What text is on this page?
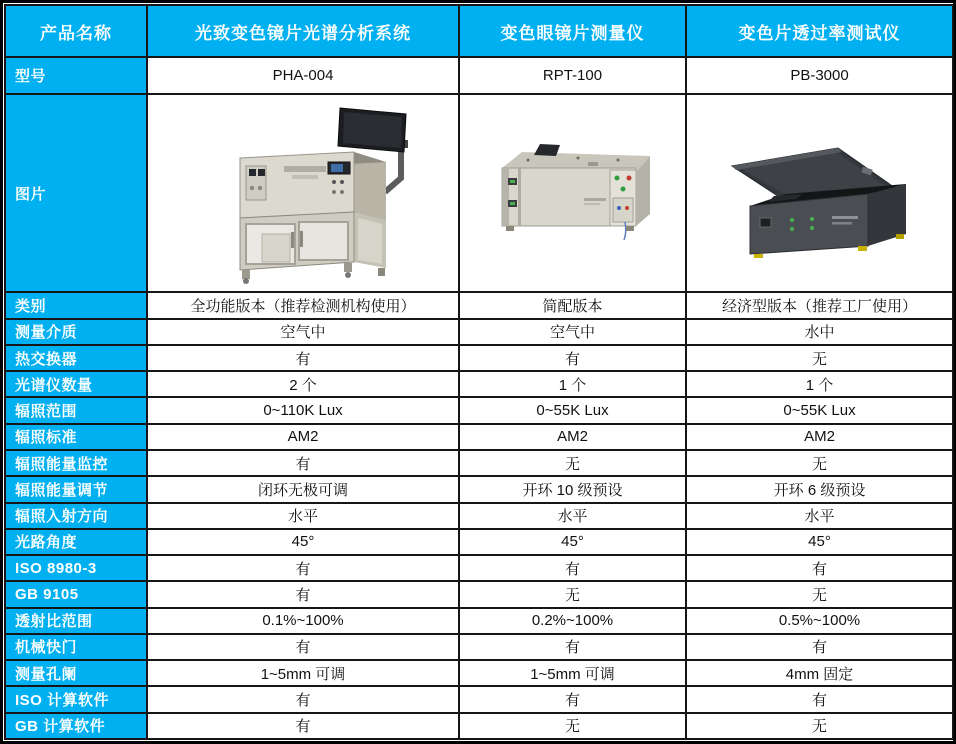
产品名称	光致变色镜片光谱分析系统	变色眼镜片测量仪	变色片透过率测试仪
型号	PHA-004	RPT-100	PB-3000
图片			
类别	全功能版本（推荐检测机构使用）	简配版本	经济型版本（推荐工厂使用）
测量介质	空气中	空气中	水中
热交换器	有	有	无
光谱仪数量	2 个	1 个	1 个
辐照范围	0~110K Lux	0~55K Lux	0~55K Lux
辐照标准	AM2	AM2	AM2
辐照能量监控	有	无	无
辐照能量调节	闭环无极可调	开环 10 级预设	开环 6 级预设
辐照入射方向	水平	水平	水平
光路角度	45°	45°	45°
ISO 8980-3	有	有	有
GB 9105	有	无	无
透射比范围	0.1%~100%	0.2%~100%	0.5%~100%
机械快门	有	有	有
测量孔阑	1~5mm 可调	1~5mm 可调	4mm 固定
ISO 计算软件	有	有	有
GB 计算软件	有	无	无
